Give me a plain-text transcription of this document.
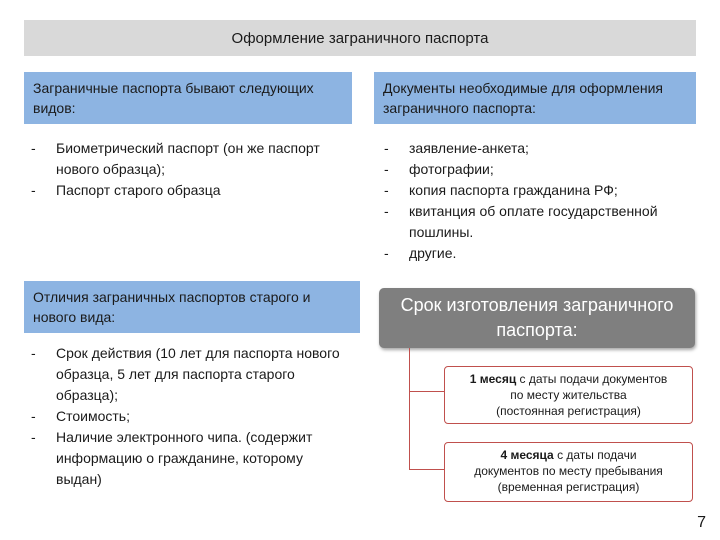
Оформление заграничного паспорта
Заграничные паспорта бывают следующих видов:
- Биометрический паспорт (он же паспорт нового образца);
- Паспорт старого образца
Документы необходимые для оформления заграничного паспорта:
- заявление-анкета;
- фотографии;
- копия паспорта гражданина РФ;
- квитанция об оплате государственной пошлины.
- другие.
Отличия заграничных паспортов старого и нового вида:
- Срок действия (10 лет для паспорта нового образца, 5 лет для паспорта старого образца);
- Стоимость;
- Наличие электронного чипа. (содержит информацию о гражданине, которому выдан)
Срок изготовления заграничного паспорта:
1 месяц с даты подачи документов
по месту жительства
(постоянная регистрация)
4 месяца с даты подачи
документов по месту пребывания
(временная регистрация)
7
